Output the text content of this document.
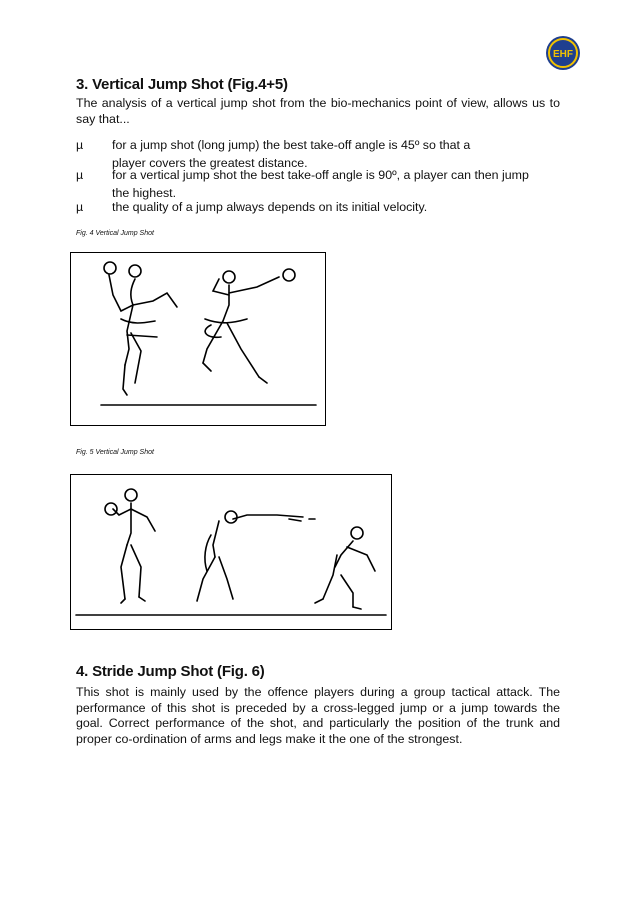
EHF
3. Vertical Jump Shot (Fig.4+5)

The analysis of a vertical jump shot from the bio-mechanics point of view, allows us to say that...

µ for a jump shot (long jump) the best take-off angle is 45º so that a
player covers the greatest distance.
µ for a vertical jump shot the best take-off angle is 90º, a player can then jump
the highest.
µ the quality of a jump always depends on its initial velocity.
Fig. 4 Vertical Jump Shot
Fig. 5 Vertical Jump Shot
4. Stride Jump Shot (Fig. 6)

This shot is mainly used by the offence players during a group tactical attack. The performance of this shot is preceded by a cross-legged jump or a jump towards the goal. Correct performance of the shot, and particularly the position of the trunk and proper co-ordination of arms and legs make it the one of the strongest.
